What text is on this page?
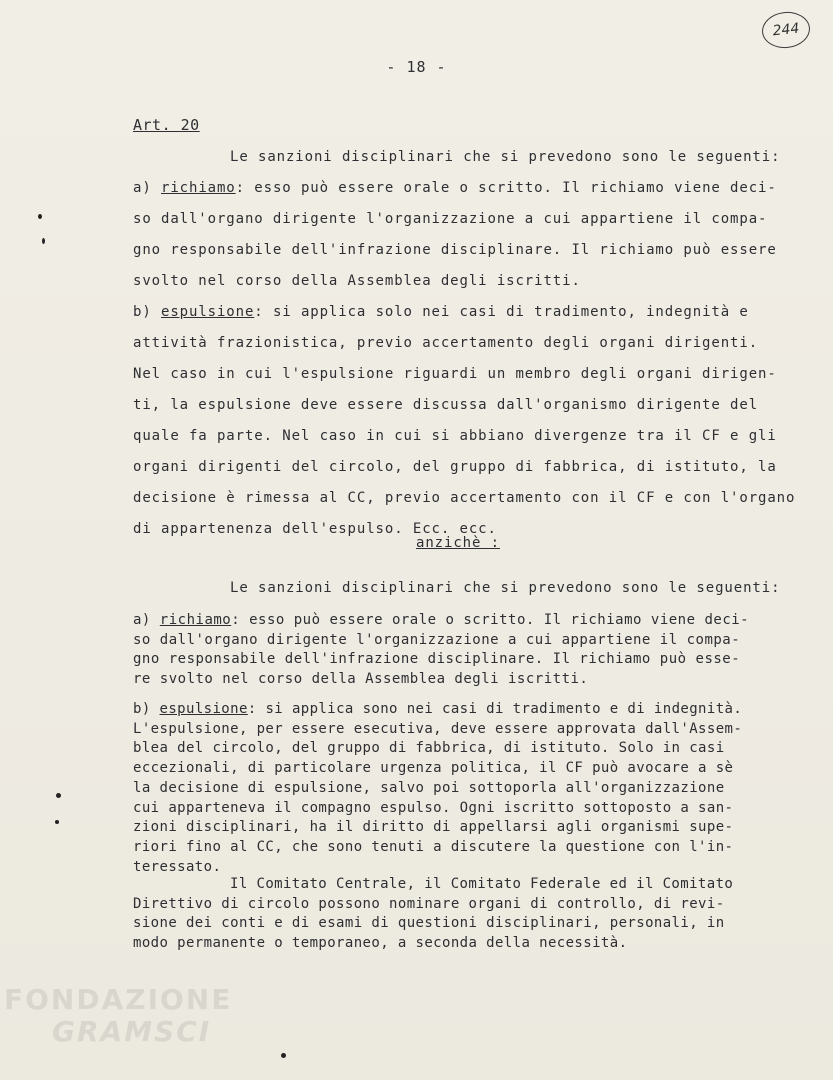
244
- 18 -
Art. 20
Le sanzioni disciplinari che si prevedono sono le seguenti:
a) richiamo: esso può essere orale o scritto. Il richiamo viene deci-
so dall'organo dirigente l'organizzazione a cui appartiene il compa-
gno responsabile dell'infrazione disciplinare. Il richiamo può essere
svolto nel corso della Assemblea degli iscritti.
b) espulsione: si applica solo nei casi di tradimento, indegnità e
attività frazionistica, previo accertamento degli organi dirigenti.
Nel caso in cui l'espulsione riguardi un membro degli organi dirigen-
ti, la espulsione deve essere discussa dall'organismo dirigente del
quale fa parte. Nel caso in cui si abbiano divergenze tra il CF e gli
organi dirigenti del circolo, del gruppo di fabbrica, di istituto, la
decisione è rimessa al CC, previo accertamento con il CF e con l'organo
di appartenenza dell'espulso. Ecc. ecc.
anzichè :
Le sanzioni disciplinari che si prevedono sono le seguenti:
a) richiamo: esso può essere orale o scritto. Il richiamo viene deci-
so dall'organo dirigente l'organizzazione a cui appartiene il compa-
gno responsabile dell'infrazione disciplinare. Il richiamo può esse-
re svolto nel corso della Assemblea degli iscritti.
b) espulsione: si applica sono nei casi di tradimento e di indegnità.
L'espulsione, per essere esecutiva, deve essere approvata dall'Assem-
blea del circolo, del gruppo di fabbrica, di istituto. Solo in casi
eccezionali, di particolare urgenza politica, il CF può avocare a sè
la decisione di espulsione, salvo poi sottoporla all'organizzazione
cui apparteneva il compagno espulso. Ogni iscritto sottoposto a san-
zioni disciplinari, ha il diritto di appellarsi agli organismi supe-
riori fino al CC, che sono tenuti a discutere la questione con l'in-
teressato.
Il Comitato Centrale, il Comitato Federale ed il Comitato
Direttivo di circolo possono nominare organi di controllo, di revi-
sione dei conti e di esami di questioni disciplinari, personali, in
modo permanente o temporaneo, a seconda della necessità.
FONDAZIONE
GRAMSCI
